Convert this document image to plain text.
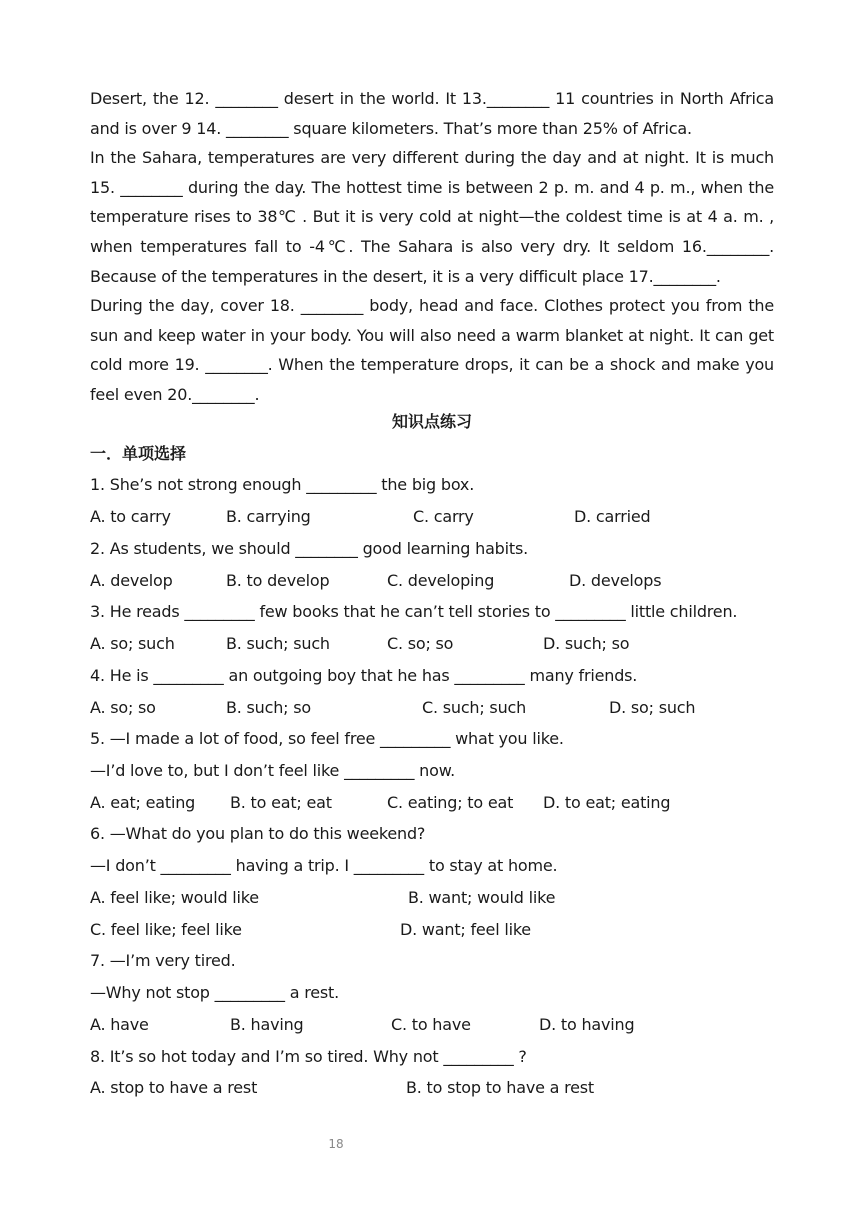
Desert, the 12. ________ desert in the world. It 13.________ 11 countries in North Africa and is over 9 14. ________ square kilometers. That’s more than 25% of Africa.

In the Sahara, temperatures are very different during the day and at night. It is much 15. ________ during the day. The hottest time is between 2 p. m. and 4 p. m., when the temperature rises to 38℃ . But it is very cold at night—the coldest time is at 4 a. m. , when temperatures fall to -4℃. The Sahara is also very dry. It seldom 16.________. Because of the temperatures in the desert, it is a very difficult place 17.________.

During the day, cover 18. ________ body, head and face. Clothes protect you from the sun and keep water in your body. You will also need a warm blanket at night. It can get cold more 19. ________. When the temperature drops, it can be a shock and make you feel even 20.________.

知识点练习
一．单项选择
1. She’s not strong enough _________ the big box.
A. to carry	B. carrying	C. carry	D. carried
2. As students, we should ________ good learning habits.
A. develop	B. to develop	C. developing	D. develops
3. He reads _________ few books that he can’t tell stories to _________ little children.
A. so; such	B. such; such	C. so; so	D. such; so
4. He is _________ an outgoing boy that he has _________ many friends.
A. so; so	B. such; so	C. such; such	D. so; such
5. —I made a lot of food, so feel free _________ what you like.
—I’d love to, but I don’t feel like _________ now.
A. eat; eating B. to eat; eat	C. eating; to eat D. to eat; eating
6. —What do you plan to do this weekend?
—I don’t _________ having a trip. I _________ to stay at home.
A. feel like; would like	B. want; would like
C. feel like; feel like	D. want; feel like
7. —I’m very tired.
—Why not stop _________ a rest.
A. have	B. having	C. to have	D. to having
8. It’s so hot today and I’m so tired. Why not _________ ?
A. stop to have a rest	B. to stop to have a rest
18
